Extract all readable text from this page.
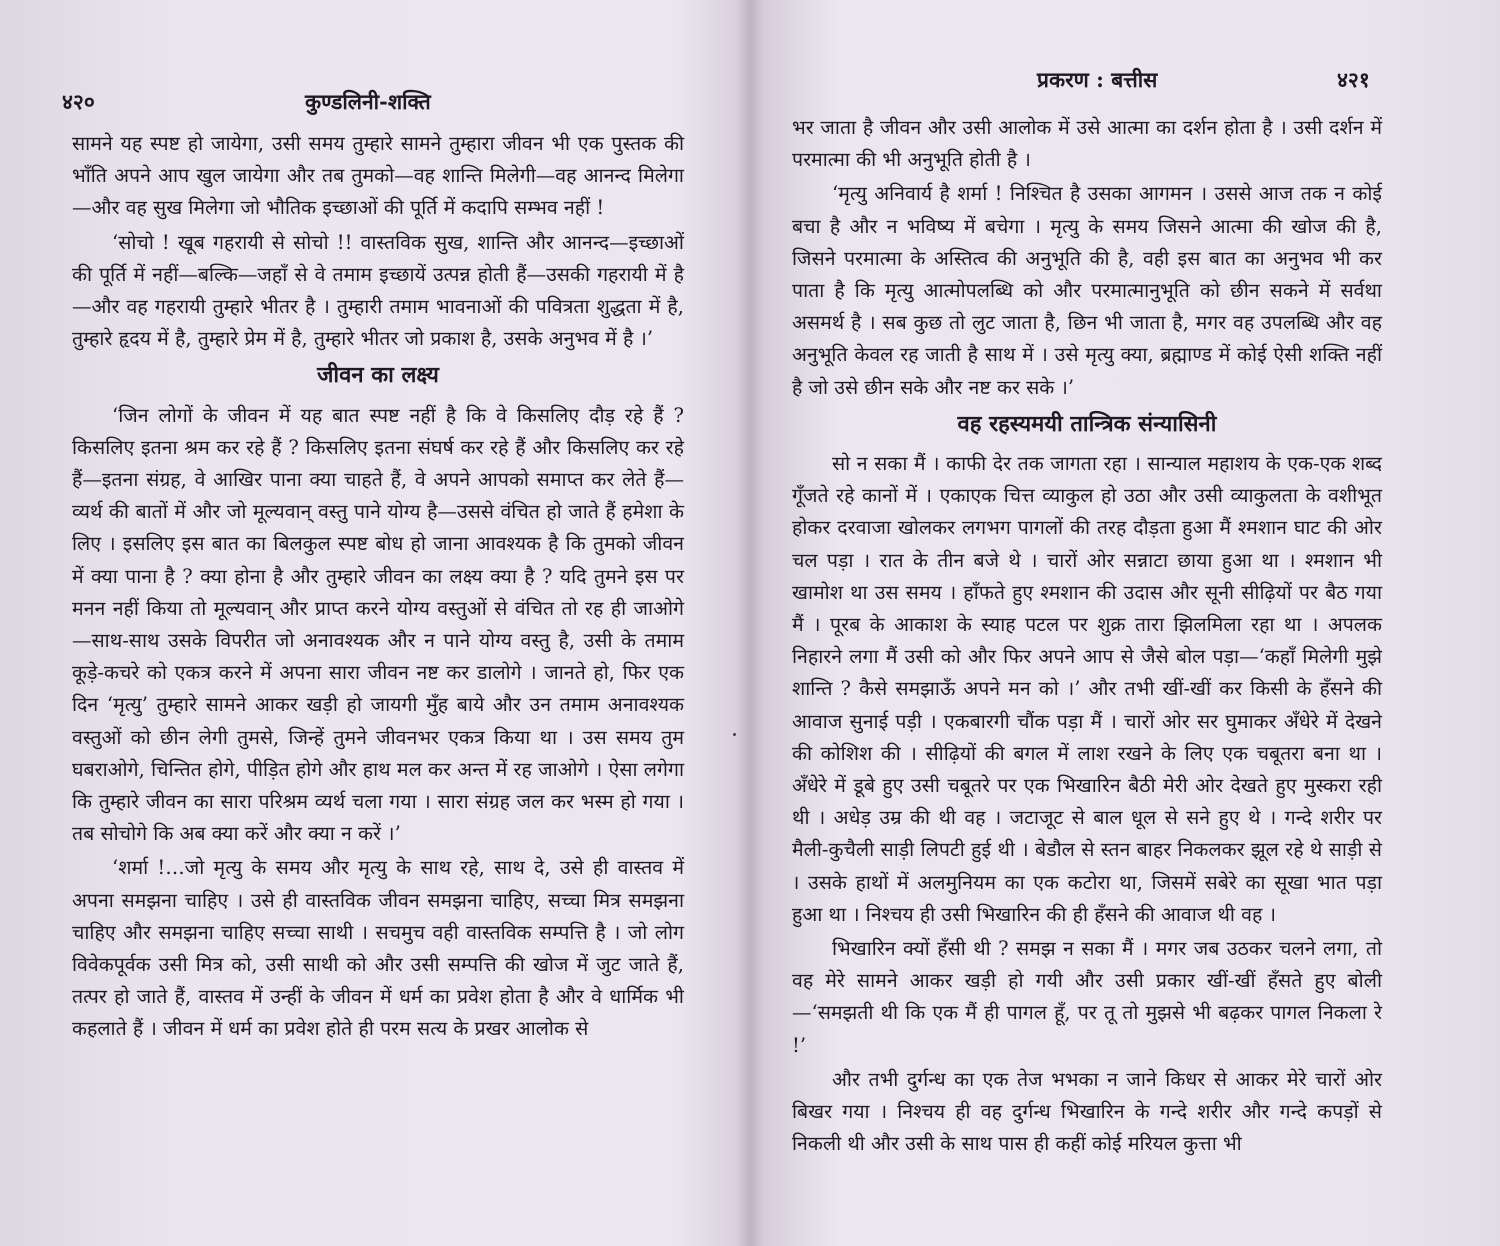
४२०	कुण्डलिनी-शक्ति

सामने यह स्पष्ट हो जायेगा, उसी समय तुम्हारे सामने तुम्हारा जीवन भी एक पुस्तक की भाँति अपने आप खुल जायेगा और तब तुमको—वह शान्ति मिलेगी—वह आनन्द मिलेगा—और वह सुख मिलेगा जो भौतिक इच्छाओं की पूर्ति में कदापि सम्भव नहीं !

‘सोचो ! खूब गहरायी से सोचो !! वास्तविक सुख, शान्ति और आनन्द—इच्छाओं की पूर्ति में नहीं—बल्कि—जहाँ से वे तमाम इच्छायें उत्पन्न होती हैं—उसकी गहरायी में है—और वह गहरायी तुम्हारे भीतर है । तुम्हारी तमाम भावनाओं की पवित्रता शुद्धता में है, तुम्हारे हृदय में है, तुम्हारे प्रेम में है, तुम्हारे भीतर जो प्रकाश है, उसके अनुभव में है ।’

जीवन का लक्ष्य

‘जिन लोगों के जीवन में यह बात स्पष्ट नहीं है कि वे किसलिए दौड़ रहे हैं ? किसलिए इतना श्रम कर रहे हैं ? किसलिए इतना संघर्ष कर रहे हैं और किसलिए कर रहे हैं—इतना संग्रह, वे आखिर पाना क्या चाहते हैं, वे अपने आपको समाप्त कर लेते हैं—व्यर्थ की बातों में और जो मूल्यवान् वस्तु पाने योग्य है—उससे वंचित हो जाते हैं हमेशा के लिए । इसलिए इस बात का बिलकुल स्पष्ट बोध हो जाना आवश्यक है कि तुमको जीवन में क्या पाना है ? क्या होना है और तुम्हारे जीवन का लक्ष्य क्या है ? यदि तुमने इस पर मनन नहीं किया तो मूल्यवान् और प्राप्त करने योग्य वस्तुओं से वंचित तो रह ही जाओगे—साथ-साथ उसके विपरीत जो अनावश्यक और न पाने योग्य वस्तु है, उसी के तमाम कूड़े-कचरे को एकत्र करने में अपना सारा जीवन नष्ट कर डालोगे । जानते हो, फिर एक दिन ‘मृत्यु’ तुम्हारे सामने आकर खड़ी हो जायगी मुँह बाये और उन तमाम अनावश्यक वस्तुओं को छीन लेगी तुमसे, जिन्हें तुमने जीवनभर एकत्र किया था । उस समय तुम घबराओगे, चिन्तित होगे, पीड़ित होगे और हाथ मल कर अन्त में रह जाओगे । ऐसा लगेगा कि तुम्हारे जीवन का सारा परिश्रम व्यर्थ चला गया । सारा संग्रह जल कर भस्म हो गया । तब सोचोगे कि अब क्या करें और क्या न करें ।’

‘शर्मा !…जो मृत्यु के समय और मृत्यु के साथ रहे, साथ दे, उसे ही वास्तव में अपना समझना चाहिए । उसे ही वास्तविक जीवन समझना चाहिए, सच्चा मित्र समझना चाहिए और समझना चाहिए सच्चा साथी । सचमुच वही वास्तविक सम्पत्ति है । जो लोग विवेकपूर्वक उसी मित्र को, उसी साथी को और उसी सम्पत्ति की खोज में जुट जाते हैं, तत्पर हो जाते हैं, वास्तव में उन्हीं के जीवन में धर्म का प्रवेश होता है और वे धार्मिक भी कहलाते हैं । जीवन में धर्म का प्रवेश होते ही परम सत्य के प्रखर आलोक से

प्रकरण : बत्तीस	४२१

भर जाता है जीवन और उसी आलोक में उसे आत्मा का दर्शन होता है । उसी दर्शन में परमात्मा की भी अनुभूति होती है ।

‘मृत्यु अनिवार्य है शर्मा ! निश्चित है उसका आगमन । उससे आज तक न कोई बचा है और न भविष्य में बचेगा । मृत्यु के समय जिसने आत्मा की खोज की है, जिसने परमात्मा के अस्तित्व की अनुभूति की है, वही इस बात का अनुभव भी कर पाता है कि मृत्यु आत्मोपलब्धि को और परमात्मानुभूति को छीन सकने में सर्वथा असमर्थ है । सब कुछ तो लुट जाता है, छिन भी जाता है, मगर वह उपलब्धि और वह अनुभूति केवल रह जाती है साथ में । उसे मृत्यु क्या, ब्रह्माण्ड में कोई ऐसी शक्ति नहीं है जो उसे छीन सके और नष्ट कर सके ।’

वह रहस्यमयी तान्त्रिक संन्यासिनी

सो न सका मैं । काफी देर तक जागता रहा । सान्याल महाशय के एक-एक शब्द गूँजते रहे कानों में । एकाएक चित्त व्याकुल हो उठा और उसी व्याकुलता के वशीभूत होकर दरवाजा खोलकर लगभग पागलों की तरह दौड़ता हुआ मैं श्मशान घाट की ओर चल पड़ा । रात के तीन बजे थे । चारों ओर सन्नाटा छाया हुआ था । श्मशान भी खामोश था उस समय । हाँफते हुए श्मशान की उदास और सूनी सीढ़ियों पर बैठ गया मैं । पूरब के आकाश के स्याह पटल पर शुक्र तारा झिलमिला रहा था । अपलक निहारने लगा मैं उसी को और फिर अपने आप से जैसे बोल पड़ा—‘कहाँ मिलेगी मुझे शान्ति ? कैसे समझाऊँ अपने मन को ।’ और तभी खीं-खीं कर किसी के हँसने की आवाज सुनाई पड़ी । एकबारगी चौंक पड़ा मैं । चारों ओर सर घुमाकर अँधेरे में देखने की कोशिश की । सीढ़ियों की बगल में लाश रखने के लिए एक चबूतरा बना था । अँधेरे में डूबे हुए उसी चबूतरे पर एक भिखारिन बैठी मेरी ओर देखते हुए मुस्करा रही थी । अधेड़ उम्र की थी वह । जटाजूट से बाल धूल से सने हुए थे । गन्दे शरीर पर मैली-कुचैली साड़ी लिपटी हुई थी । बेडौल से स्तन बाहर निकलकर झूल रहे थे साड़ी से । उसके हाथों में अलमुनियम का एक कटोरा था, जिसमें सबेरे का सूखा भात पड़ा हुआ था । निश्चय ही उसी भिखारिन की ही हँसने की आवाज थी वह ।

भिखारिन क्यों हँसी थी ? समझ न सका मैं । मगर जब उठकर चलने लगा, तो वह मेरे सामने आकर खड़ी हो गयी और उसी प्रकार खीं-खीं हँसते हुए बोली—‘समझती थी कि एक मैं ही पागल हूँ, पर तू तो मुझसे भी बढ़कर पागल निकला रे !’

और तभी दुर्गन्ध का एक तेज भभका न जाने किधर से आकर मेरे चारों ओर बिखर गया । निश्चय ही वह दुर्गन्ध भिखारिन के गन्दे शरीर और गन्दे कपड़ों से निकली थी और उसी के साथ पास ही कहीं कोई मरियल कुत्ता भी
